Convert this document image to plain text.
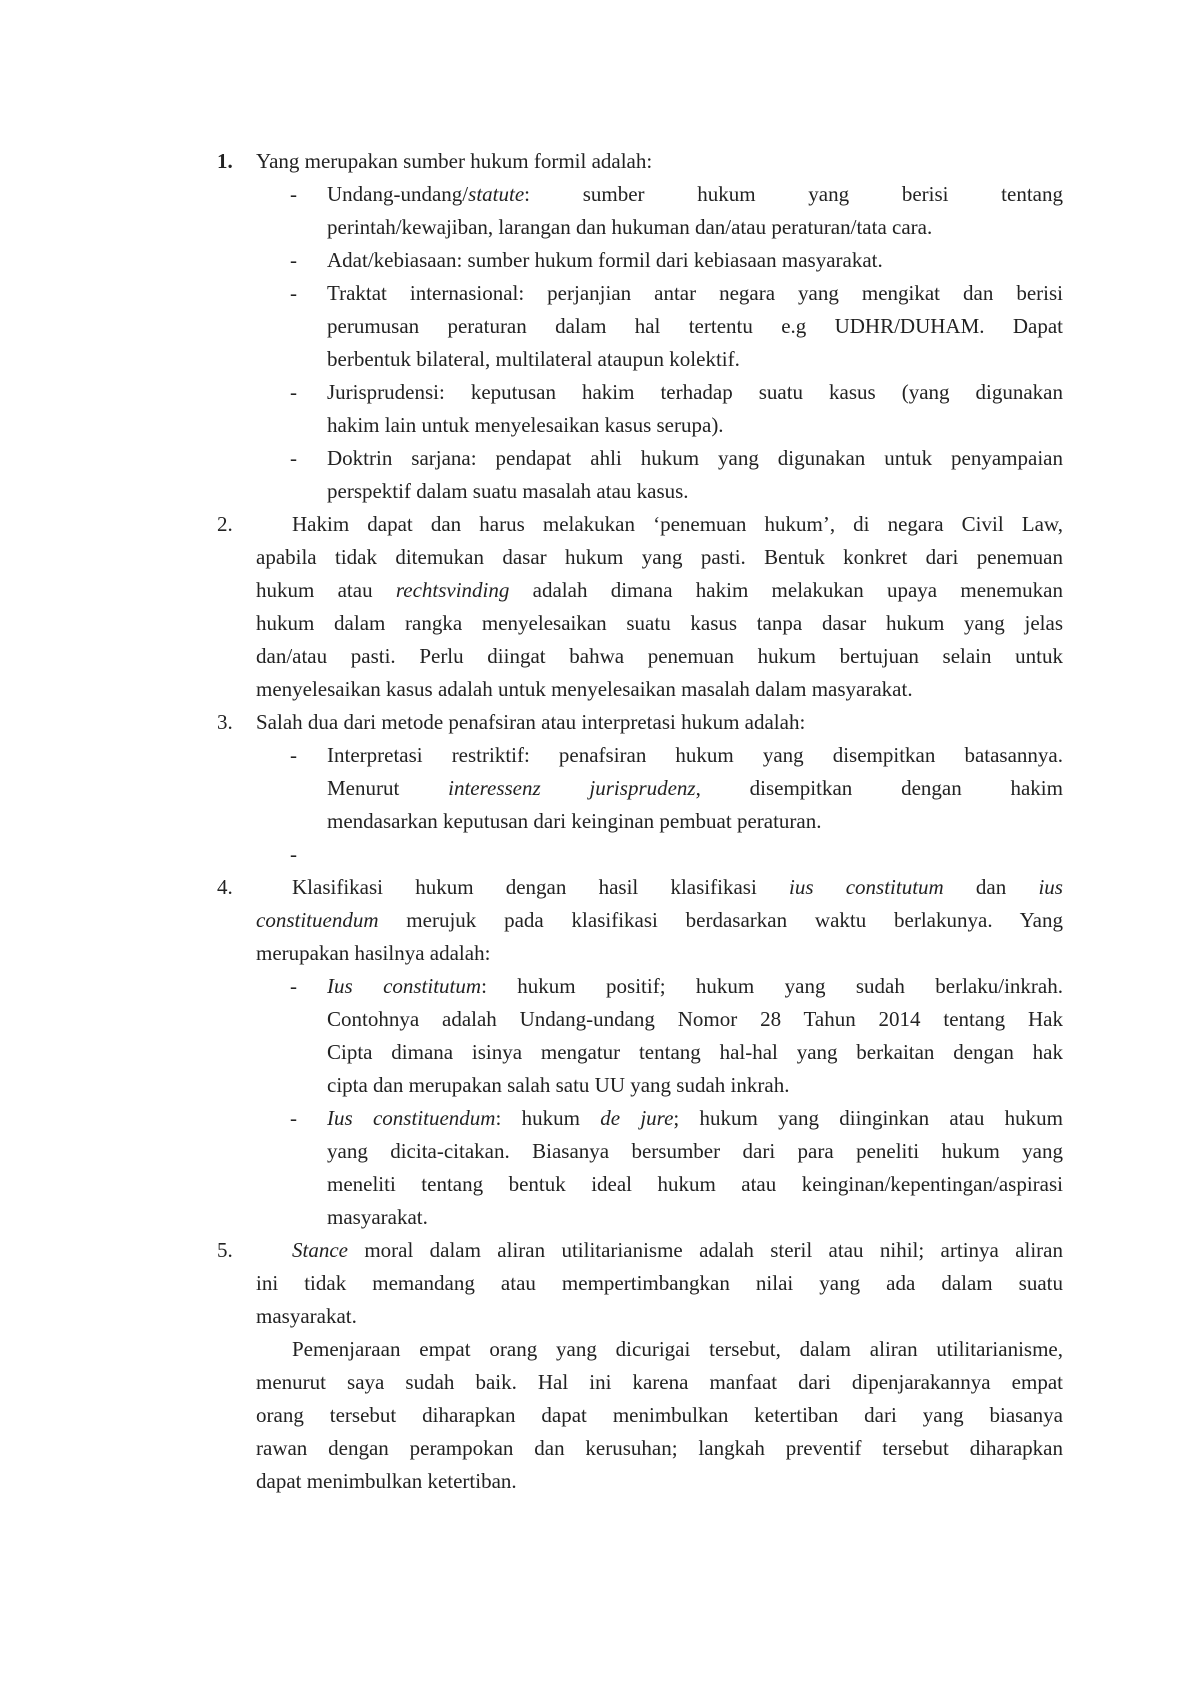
1. Yang merupakan sumber hukum formil adalah:
- Undang-undang/statute: sumber hukum yang berisi tentang
perintah/kewajiban, larangan dan hukuman dan/atau peraturan/tata cara.
- Adat/kebiasaan: sumber hukum formil dari kebiasaan masyarakat.
- Traktat internasional: perjanjian antar negara yang mengikat dan berisi
perumusan peraturan dalam hal tertentu e.g UDHR/DUHAM. Dapat
berbentuk bilateral, multilateral ataupun kolektif.
- Jurisprudensi: keputusan hakim terhadap suatu kasus (yang digunakan
hakim lain untuk menyelesaikan kasus serupa).
- Doktrin sarjana: pendapat ahli hukum yang digunakan untuk penyampaian
perspektif dalam suatu masalah atau kasus.
2.	Hakim dapat dan harus melakukan ‘penemuan hukum’, di negara Civil Law,
apabila tidak ditemukan dasar hukum yang pasti. Bentuk konkret dari penemuan
hukum atau rechtsvinding adalah dimana hakim melakukan upaya menemukan
hukum dalam rangka menyelesaikan suatu kasus tanpa dasar hukum yang jelas
dan/atau pasti. Perlu diingat bahwa penemuan hukum bertujuan selain untuk
menyelesaikan kasus adalah untuk menyelesaikan masalah dalam masyarakat.
3. Salah dua dari metode penafsiran atau interpretasi hukum adalah:
- Interpretasi restriktif: penafsiran hukum yang disempitkan batasannya.
Menurut interessenz jurisprudenz, disempitkan dengan hakim
mendasarkan keputusan dari keinginan pembuat peraturan.
-
4.	Klasifikasi hukum dengan hasil klasifikasi ius constitutum dan ius
constituendum merujuk pada klasifikasi berdasarkan waktu berlakunya. Yang
merupakan hasilnya adalah:
- Ius constitutum: hukum positif; hukum yang sudah berlaku/inkrah.
Contohnya adalah Undang-undang Nomor 28 Tahun 2014 tentang Hak
Cipta dimana isinya mengatur tentang hal-hal yang berkaitan dengan hak
cipta dan merupakan salah satu UU yang sudah inkrah.
- Ius constituendum: hukum de jure; hukum yang diinginkan atau hukum
yang dicita-citakan. Biasanya bersumber dari para peneliti hukum yang
meneliti tentang bentuk ideal hukum atau keinginan/kepentingan/aspirasi
masyarakat.
5.	Stance moral dalam aliran utilitarianisme adalah steril atau nihil; artinya aliran
ini tidak memandang atau mempertimbangkan nilai yang ada dalam suatu
masyarakat.
Pemenjaraan empat orang yang dicurigai tersebut, dalam aliran utilitarianisme,
menurut saya sudah baik. Hal ini karena manfaat dari dipenjarakannya empat
orang tersebut diharapkan dapat menimbulkan ketertiban dari yang biasanya
rawan dengan perampokan dan kerusuhan; langkah preventif tersebut diharapkan
dapat menimbulkan ketertiban.
